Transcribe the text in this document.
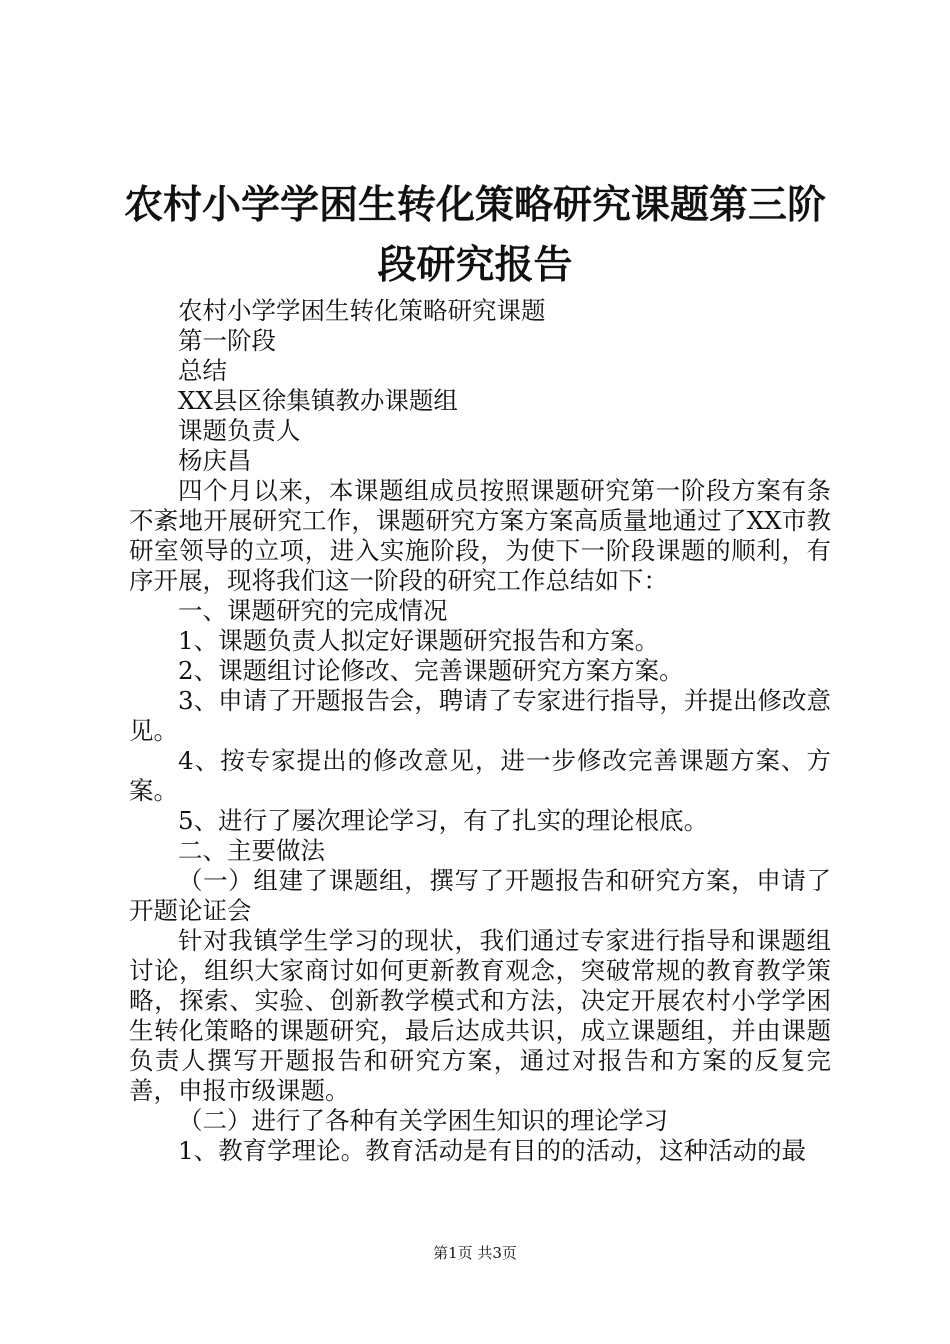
农村小学学困生转化策略研究课题第三阶段研究报告

农村小学学困生转化策略研究课题

第一阶段

总结

XX县区徐集镇教办课题组

课题负责人

杨庆昌

四个月以来，本课题组成员按照课题研究第一阶段方案有条不紊地开展研究工作，课题研究方案方案高质量地通过了XX市教研室领导的立项，进入实施阶段，为使下一阶段课题的顺利，有序开展，现将我们这一阶段的研究工作总结如下：

一、课题研究的完成情况

1、课题负责人拟定好课题研究报告和方案。

2、课题组讨论修改、完善课题研究方案方案。

3、申请了开题报告会，聘请了专家进行指导，并提出修改意见。

4、按专家提出的修改意见，进一步修改完善课题方案、方案。

5、进行了屡次理论学习，有了扎实的理论根底。

二、主要做法

（一）组建了课题组，撰写了开题报告和研究方案，申请了开题论证会

针对我镇学生学习的现状，我们通过专家进行指导和课题组讨论，组织大家商讨如何更新教育观念，突破常规的教育教学策略，探索、实验、创新教学模式和方法，决定开展农村小学学困生转化策略的课题研究，最后达成共识，成立课题组，并由课题负责人撰写开题报告和研究方案，通过对报告和方案的反复完善，申报市级课题。

（二）进行了各种有关学困生知识的理论学习

1、教育学理论。教育活动是有目的的活动，这种活动的最

第1页 共3页
